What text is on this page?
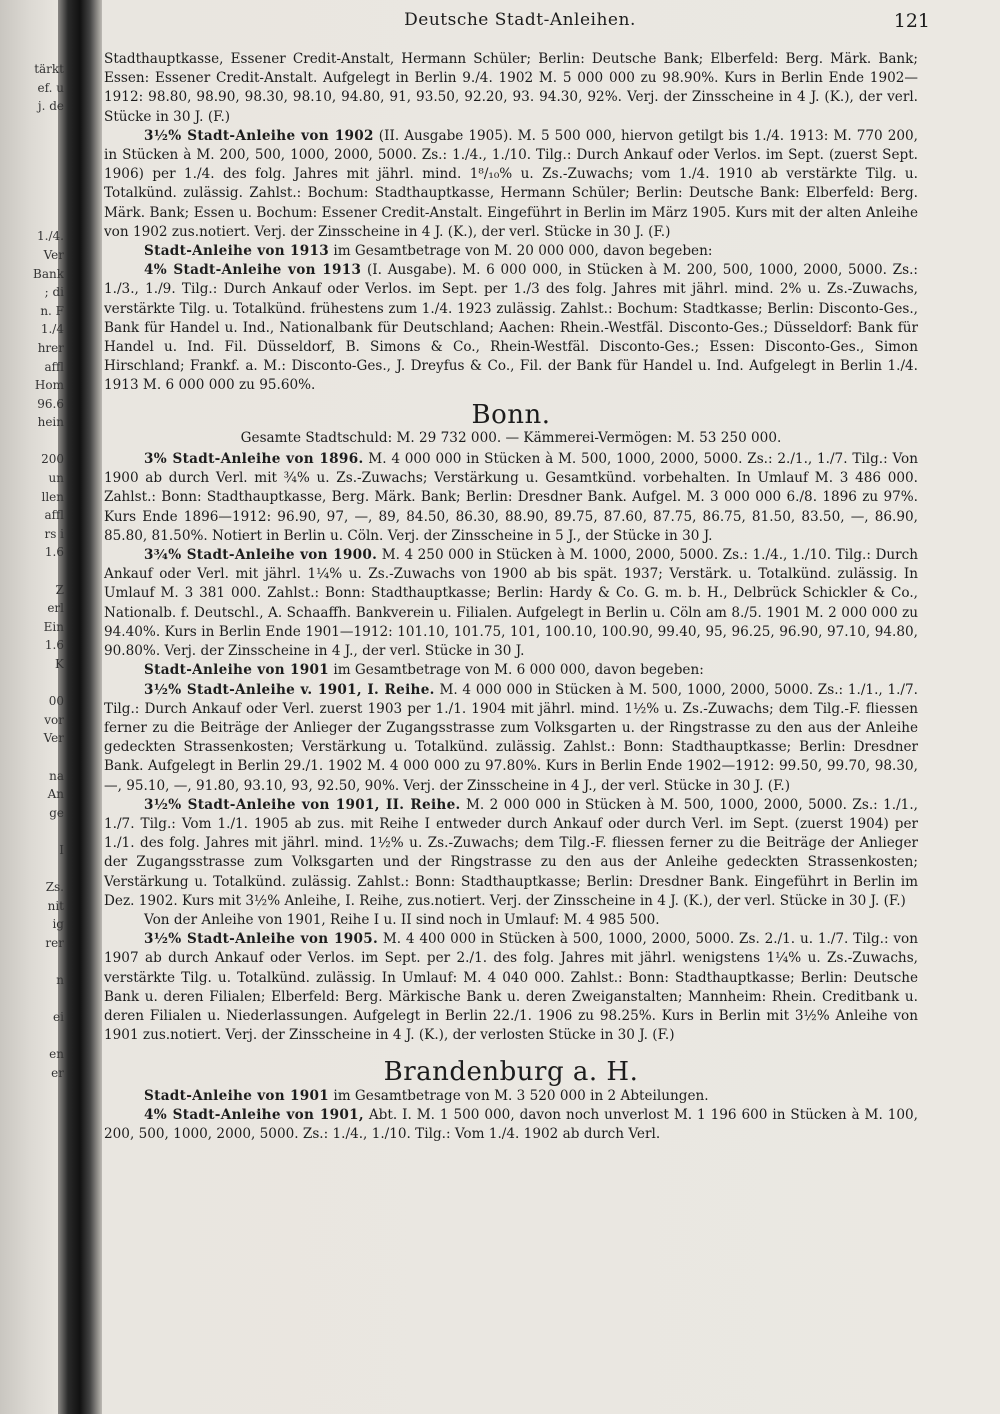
tärkt
ef. u
j. de
1./4.
Ver
Bank
; di
n. F
1./4
hrer
affl
Hom
96.6
hein
200
un
llen
affl
rs i
1.6
Z
erl
Ein
1.6
K
00
vor
Ver
na
An
ge
I
Zs.
nit
ig
rer
n
ei
en
er
Deutsche Stadt-Anleihen.	121

Stadthauptkasse, Essener Credit-Anstalt, Hermann Schüler; Berlin: Deutsche Bank; Elberfeld: Berg. Märk. Bank; Essen: Essener Credit-Anstalt. Aufgelegt in Berlin 9./4. 1902 M. 5 000 000 zu 98.90%. Kurs in Berlin Ende 1902—1912: 98.80, 98.90, 98.30, 98.10, 94.80, 91, 93.50, 92.20, 93. 94.30, 92%. Verj. der Zinsscheine in 4 J. (K.), der verl. Stücke in 30 J. (F.)

3½% Stadt-Anleihe von 1902 (II. Ausgabe 1905). M. 5 500 000, hiervon getilgt bis 1./4. 1913: M. 770 200, in Stücken à M. 200, 500, 1000, 2000, 5000. Zs.: 1./4., 1./10. Tilg.: Durch Ankauf oder Verlos. im Sept. (zuerst Sept. 1906) per 1./4. des folg. Jahres mit jährl. mind. 1⁸/₁₀% u. Zs.-Zuwachs; vom 1./4. 1910 ab verstärkte Tilg. u. Totalkünd. zulässig. Zahlst.: Bochum: Stadthauptkasse, Hermann Schüler; Berlin: Deutsche Bank: Elberfeld: Berg. Märk. Bank; Essen u. Bochum: Essener Credit-Anstalt. Eingeführt in Berlin im März 1905. Kurs mit der alten Anleihe von 1902 zus.notiert. Verj. der Zinsscheine in 4 J. (K.), der verl. Stücke in 30 J. (F.)

Stadt-Anleihe von 1913 im Gesamtbetrage von M. 20 000 000, davon begeben:

4% Stadt-Anleihe von 1913 (I. Ausgabe). M. 6 000 000, in Stücken à M. 200, 500, 1000, 2000, 5000. Zs.: 1./3., 1./9. Tilg.: Durch Ankauf oder Verlos. im Sept. per 1./3 des folg. Jahres mit jährl. mind. 2% u. Zs.-Zuwachs, verstärkte Tilg. u. Totalkünd. frühestens zum 1./4. 1923 zulässig. Zahlst.: Bochum: Stadtkasse; Berlin: Disconto-Ges., Bank für Handel u. Ind., Nationalbank für Deutschland; Aachen: Rhein.-Westfäl. Disconto-Ges.; Düsseldorf: Bank für Handel u. Ind. Fil. Düsseldorf, B. Simons & Co., Rhein-Westfäl. Disconto-Ges.; Essen: Disconto-Ges., Simon Hirschland; Frankf. a. M.: Disconto-Ges., J. Dreyfus & Co., Fil. der Bank für Handel u. Ind. Aufgelegt in Berlin 1./4. 1913 M. 6 000 000 zu 95.60%.

Bonn.
Gesamte Stadtschuld: M. 29 732 000. — Kämmerei-Vermögen: M. 53 250 000.

3% Stadt-Anleihe von 1896. M. 4 000 000 in Stücken à M. 500, 1000, 2000, 5000. Zs.: 2./1., 1./7. Tilg.: Von 1900 ab durch Verl. mit ¾% u. Zs.-Zuwachs; Verstärkung u. Gesamtkünd. vorbehalten. In Umlauf M. 3 486 000. Zahlst.: Bonn: Stadthauptkasse, Berg. Märk. Bank; Berlin: Dresdner Bank. Aufgel. M. 3 000 000 6./8. 1896 zu 97%. Kurs Ende 1896—1912: 96.90, 97, —, 89, 84.50, 86.30, 88.90, 89.75, 87.60, 87.75, 86.75, 81.50, 83.50, —, 86.90, 85.80, 81.50%. Notiert in Berlin u. Cöln. Verj. der Zinsscheine in 5 J., der Stücke in 30 J.

3¾% Stadt-Anleihe von 1900. M. 4 250 000 in Stücken à M. 1000, 2000, 5000. Zs.: 1./4., 1./10. Tilg.: Durch Ankauf oder Verl. mit jährl. 1¼% u. Zs.-Zuwachs von 1900 ab bis spät. 1937; Verstärk. u. Totalkünd. zulässig. In Umlauf M. 3 381 000. Zahlst.: Bonn: Stadthauptkasse; Berlin: Hardy & Co. G. m. b. H., Delbrück Schickler & Co., Nationalb. f. Deutschl., A. Schaaffh. Bankverein u. Filialen. Aufgelegt in Berlin u. Cöln am 8./5. 1901 M. 2 000 000 zu 94.40%. Kurs in Berlin Ende 1901—1912: 101.10, 101.75, 101, 100.10, 100.90, 99.40, 95, 96.25, 96.90, 97.10, 94.80, 90.80%. Verj. der Zinsscheine in 4 J., der verl. Stücke in 30 J.

Stadt-Anleihe von 1901 im Gesamtbetrage von M. 6 000 000, davon begeben:

3½% Stadt-Anleihe v. 1901, I. Reihe. M. 4 000 000 in Stücken à M. 500, 1000, 2000, 5000. Zs.: 1./1., 1./7. Tilg.: Durch Ankauf oder Verl. zuerst 1903 per 1./1. 1904 mit jährl. mind. 1½% u. Zs.-Zuwachs; dem Tilg.-F. fliessen ferner zu die Beiträge der Anlieger der Zugangsstrasse zum Volksgarten u. der Ringstrasse zu den aus der Anleihe gedeckten Strassenkosten; Verstärkung u. Totalkünd. zulässig. Zahlst.: Bonn: Stadthauptkasse; Berlin: Dresdner Bank. Aufgelegt in Berlin 29./1. 1902 M. 4 000 000 zu 97.80%. Kurs in Berlin Ende 1902—1912: 99.50, 99.70, 98.30, —, 95.10, —, 91.80, 93.10, 93, 92.50, 90%. Verj. der Zinsscheine in 4 J., der verl. Stücke in 30 J. (F.)

3½% Stadt-Anleihe von 1901, II. Reihe. M. 2 000 000 in Stücken à M. 500, 1000, 2000, 5000. Zs.: 1./1., 1./7. Tilg.: Vom 1./1. 1905 ab zus. mit Reihe I entweder durch Ankauf oder durch Verl. im Sept. (zuerst 1904) per 1./1. des folg. Jahres mit jährl. mind. 1½% u. Zs.-Zuwachs; dem Tilg.-F. fliessen ferner zu die Beiträge der Anlieger der Zugangsstrasse zum Volksgarten und der Ringstrasse zu den aus der Anleihe gedeckten Strassenkosten; Verstärkung u. Totalkünd. zulässig. Zahlst.: Bonn: Stadthauptkasse; Berlin: Dresdner Bank. Eingeführt in Berlin im Dez. 1902. Kurs mit 3½% Anleihe, I. Reihe, zus.notiert. Verj. der Zinsscheine in 4 J. (K.), der verl. Stücke in 30 J. (F.)

Von der Anleihe von 1901, Reihe I u. II sind noch in Umlauf: M. 4 985 500.

3½% Stadt-Anleihe von 1905. M. 4 400 000 in Stücken à 500, 1000, 2000, 5000. Zs. 2./1. u. 1./7. Tilg.: von 1907 ab durch Ankauf oder Verlos. im Sept. per 2./1. des folg. Jahres mit jährl. wenigstens 1¼% u. Zs.-Zuwachs, verstärkte Tilg. u. Totalkünd. zulässig. In Umlauf: M. 4 040 000. Zahlst.: Bonn: Stadthauptkasse; Berlin: Deutsche Bank u. deren Filialen; Elberfeld: Berg. Märkische Bank u. deren Zweiganstalten; Mannheim: Rhein. Creditbank u. deren Filialen u. Niederlassungen. Aufgelegt in Berlin 22./1. 1906 zu 98.25%. Kurs in Berlin mit 3½% Anleihe von 1901 zus.notiert. Verj. der Zinsscheine in 4 J. (K.), der verlosten Stücke in 30 J. (F.)

Brandenburg a. H.

Stadt-Anleihe von 1901 im Gesamtbetrage von M. 3 520 000 in 2 Abteilungen.

4% Stadt-Anleihe von 1901, Abt. I. M. 1 500 000, davon noch unverlost M. 1 196 600 in Stücken à M. 100, 200, 500, 1000, 2000, 5000. Zs.: 1./4., 1./10. Tilg.: Vom 1./4. 1902 ab durch Verl.
